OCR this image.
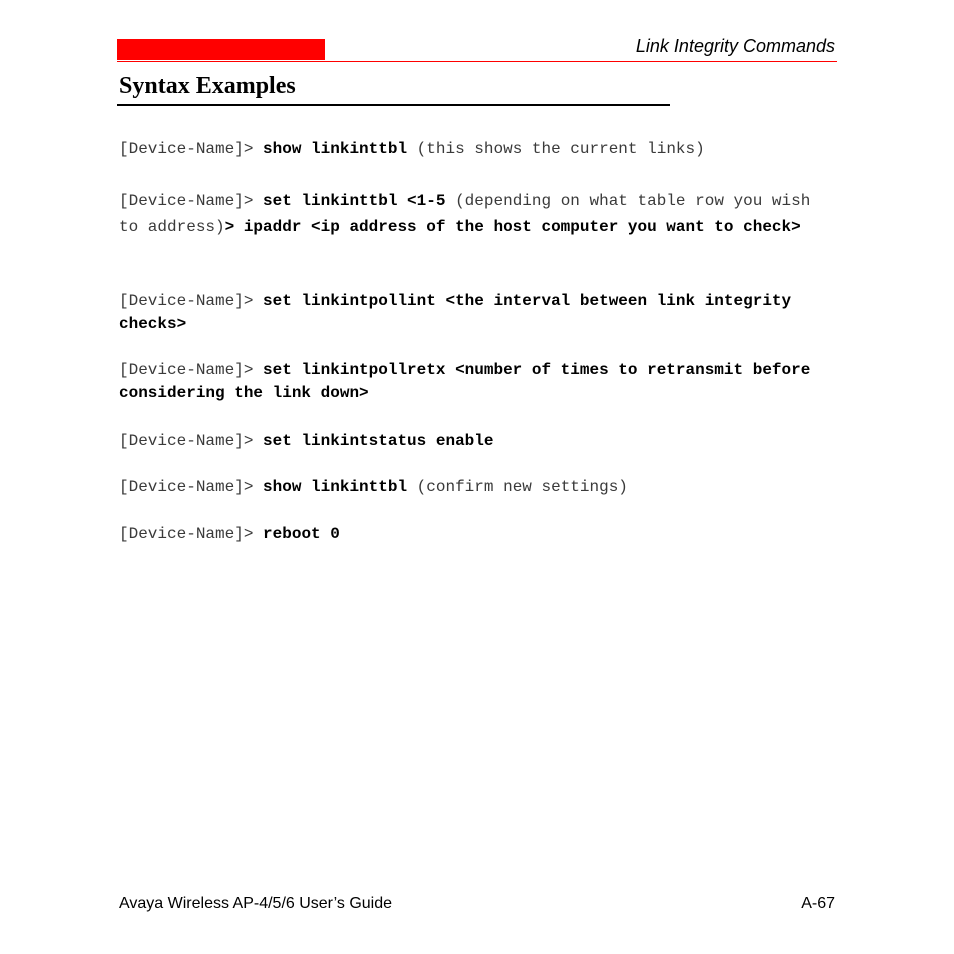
Link Integrity Commands
Syntax Examples
[Device-Name]> show linkinttbl (this shows the current links)
[Device-Name]> set linkinttbl <1-5 (depending on what table row you wish to address)> ipaddr <ip address of the host computer you want to check>
[Device-Name]> set linkintpollint <the interval between link integrity checks>
[Device-Name]> set linkintpollretx <number of times to retransmit before considering the link down>
[Device-Name]> set linkintstatus enable
[Device-Name]> show linkinttbl (confirm new settings)
[Device-Name]> reboot 0
Avaya Wireless AP-4/5/6 User’s Guide	A-67
